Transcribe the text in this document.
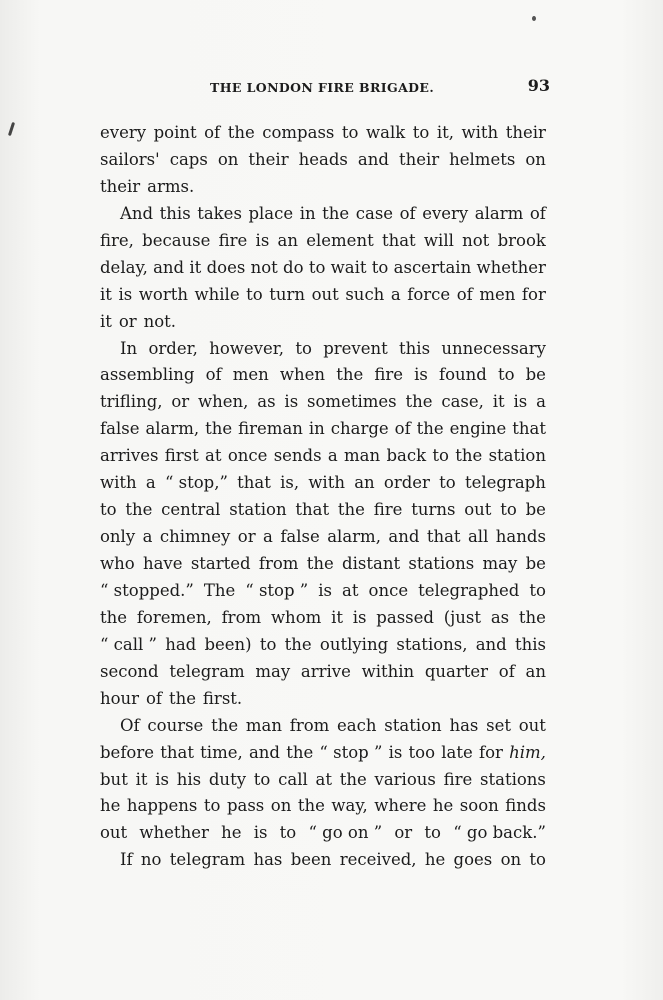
THE LONDON FIRE BRIGADE.	93
every point of the compass to walk to it, with their
sailors' caps on their heads and their helmets on
their arms.
And this takes place in the case of every alarm of
fire, because fire is an element that will not brook
delay, and it does not do to wait to ascertain whether
it is worth while to turn out such a force of men for
it or not.
In order, however, to prevent this unnecessary
assembling of men when the fire is found to be
trifling, or when, as is sometimes the case, it is a
false alarm, the fireman in charge of the engine that
arrives first at once sends a man back to the station
with a “ stop,” that is, with an order to telegraph
to the central station that the fire turns out to be
only a chimney or a false alarm, and that all hands
who have started from the distant stations may be
“ stopped.” The “ stop ” is at once telegraphed to
the foremen, from whom it is passed (just as the
“ call ” had been) to the outlying stations, and this
second telegram may arrive within quarter of an
hour of the first.
Of course the man from each station has set out
before that time, and the “ stop ” is too late for him,
but it is his duty to call at the various fire stations
he happens to pass on the way, where he soon finds
out whether he is to “ go on ” or to “ go back.”
If no telegram has been received, he goes on to
